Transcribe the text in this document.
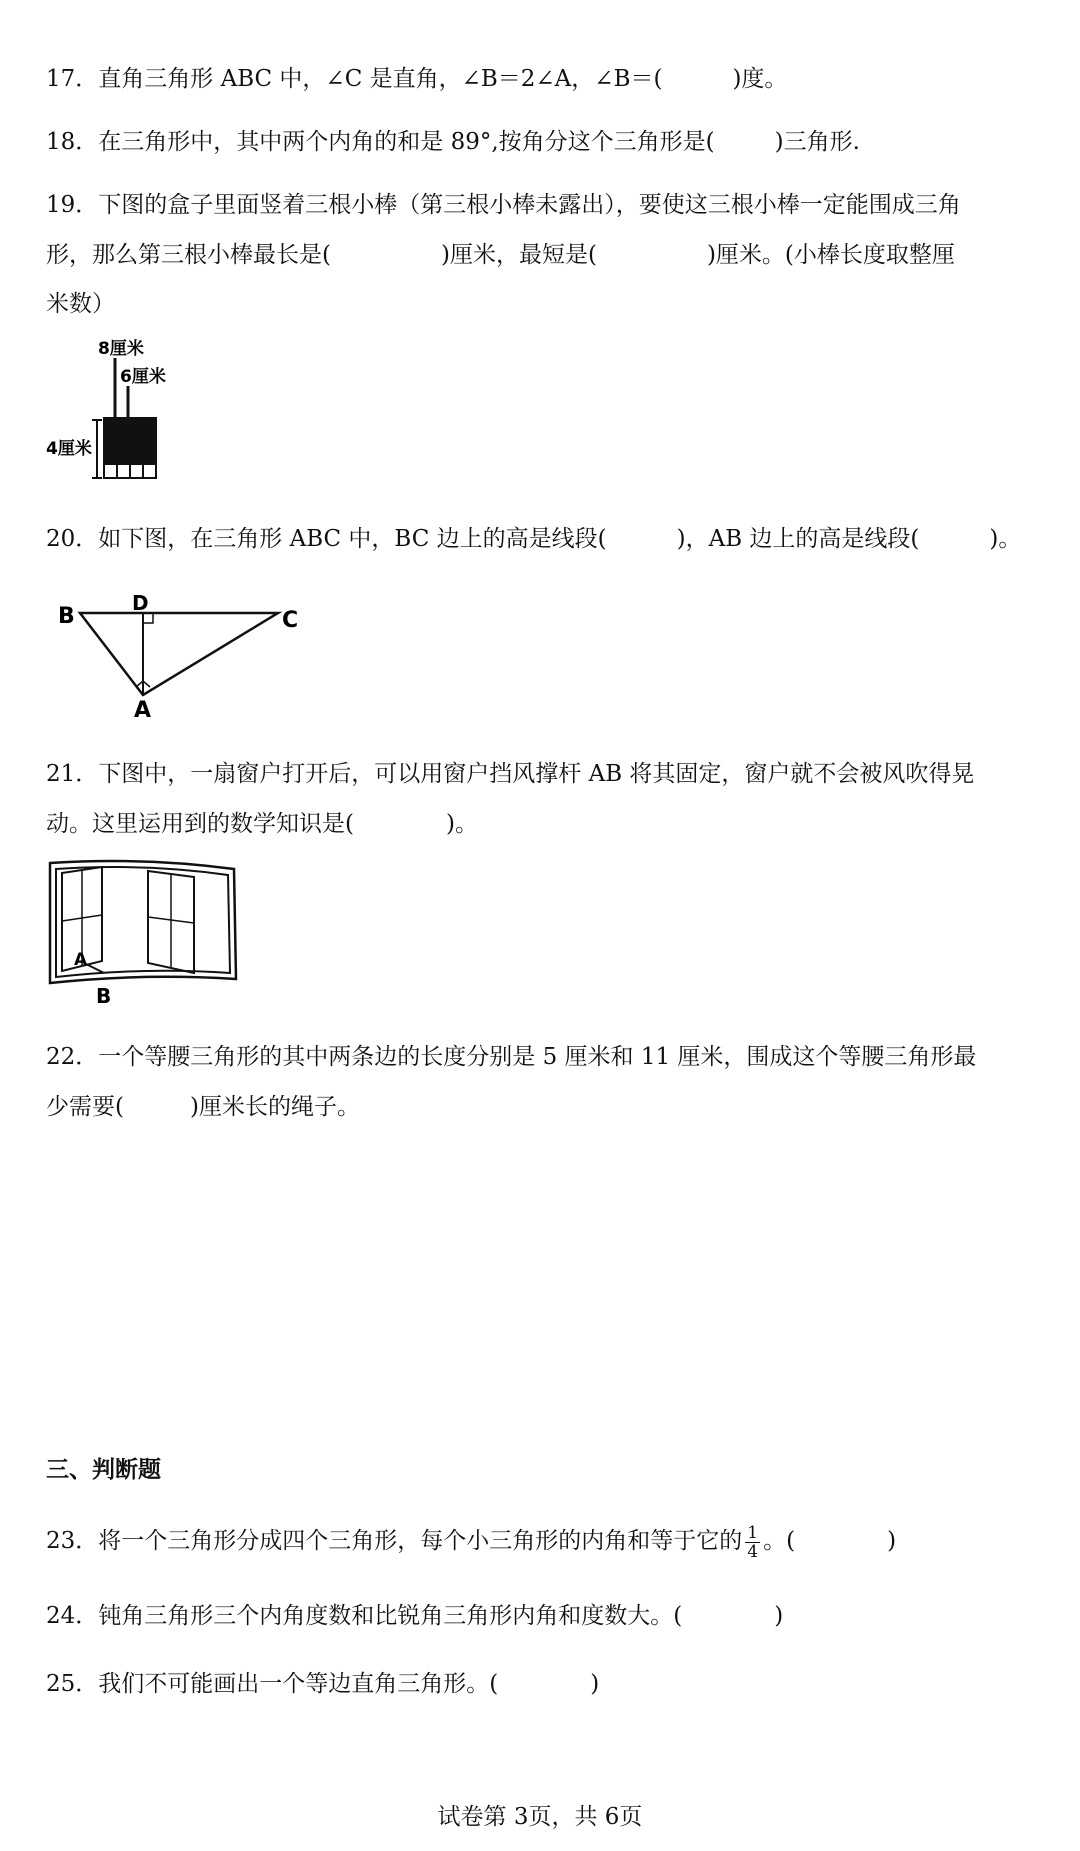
17．直角三角形 ABC 中，∠C 是直角，∠B＝2∠A，∠B＝(	)度。
18．在三角形中，其中两个内角的和是 89°,按角分这个三角形是(	)三角形.
19．下图的盒子里面竖着三根小棒（第三根小棒未露出），要使这三根小棒一定能围成三角
形，那么第三根小棒最长是(	)厘米，最短是(	)厘米。(小棒长度取整厘
米数）
8厘米
6厘米
4厘米
20．如下图，在三角形 ABC 中，BC 边上的高是线段(	)，AB 边上的高是线段(	)。
B
D
C
A
21．下图中，一扇窗户打开后，可以用窗户挡风撑杆 AB 将其固定，窗户就不会被风吹得晃
动。这里运用到的数学知识是(	)。
A
B
22．一个等腰三角形的其中两条边的长度分别是 5 厘米和 11 厘米，围成这个等腰三角形最
少需要(	)厘米长的绳子。
三、判断题
23．将一个三角形分成四个三角形，每个小三角形的内角和等于它的 $\frac{1}{4}$ 。(	)
24．钝角三角形三个内角度数和比锐角三角形内角和度数大。(	)
25．我们不可能画出一个等边直角三角形。(	)
试卷第 3页，共 6页
